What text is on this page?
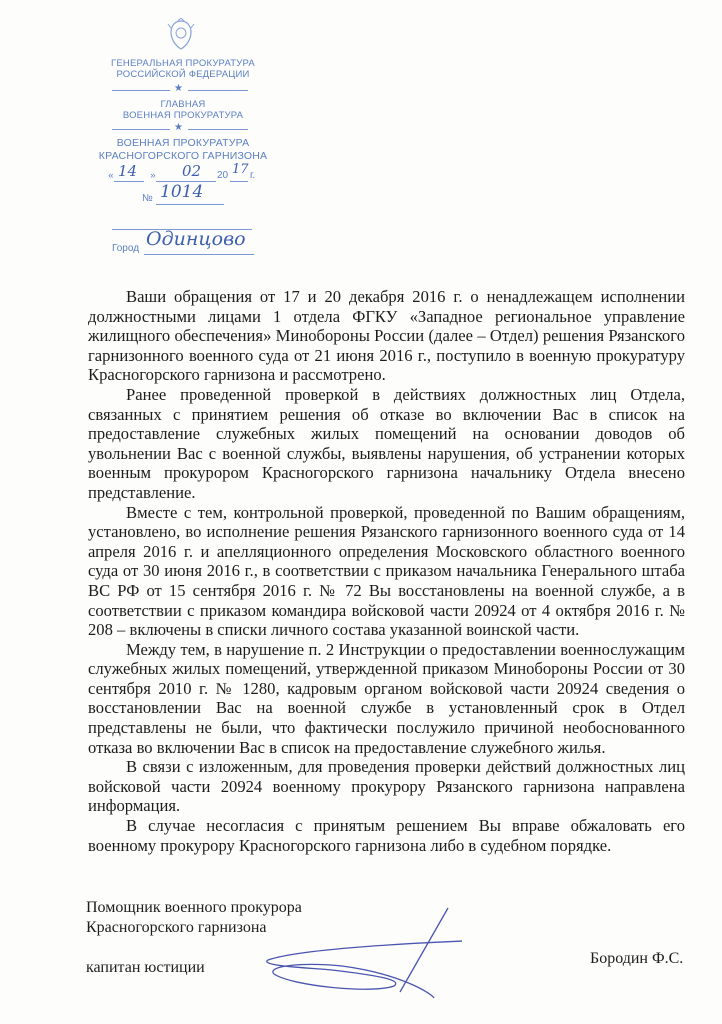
ГЕНЕРАЛЬНАЯ ПРОКУРАТУРА
РОССИЙСКОЙ ФЕДЕРАЦИИ
★
ГЛАВНАЯ
ВОЕННАЯ ПРОКУРАТУРА
★
ВОЕННАЯ ПРОКУРАТУРА
КРАСНОГОРСКОГО ГАРНИЗОНА
« 14 » 02 20 17 г.
№ 1014
Город Одинцово

Ваши обращения от 17 и 20 декабря 2016 г. о ненадлежащем исполнении должностными лицами 1 отдела ФГКУ «Западное региональное управление жилищного обеспечения» Минобороны России (далее – Отдел) решения Рязанского гарнизонного военного суда от 21 июня 2016 г., поступило в военную прокуратуру Красногорского гарнизона и рассмотрено.

Ранее проведенной проверкой в действиях должностных лиц Отдела, связанных с принятием решения об отказе во включении Вас в список на предоставление служебных жилых помещений на основании доводов об увольнении Вас с военной службы, выявлены нарушения, об устранении которых военным прокурором Красногорского гарнизона начальнику Отдела внесено представление.

Вместе с тем, контрольной проверкой, проведенной по Вашим обращениям, установлено, во исполнение решения Рязанского гарнизонного военного суда от 14 апреля 2016 г. и апелляционного определения Московского областного военного суда от 30 июня 2016 г., в соответствии с приказом начальника Генерального штаба ВС РФ от 15 сентября 2016 г. № 72 Вы восстановлены на военной службе, а в соответствии с приказом командира войсковой части 20924 от 4 октября 2016 г. № 208 – включены в списки личного состава указанной воинской части.

Между тем, в нарушение п. 2 Инструкции о предоставлении военнослужащим служебных жилых помещений, утвержденной приказом Минобороны России от 30 сентября 2010 г. № 1280, кадровым органом войсковой части 20924 сведения о восстановлении Вас на военной службе в установленный срок в Отдел представлены не были, что фактически послужило причиной необоснованного отказа во включении Вас в список на предоставление служебного жилья.

В связи с изложенным, для проведения проверки действий должностных лиц войсковой части 20924 военному прокурору Рязанского гарнизона направлена информация.

В случае несогласия с принятым решением Вы вправе обжаловать его военному прокурору Красногорского гарнизона либо в судебном порядке.

Помощник военного прокурора
Красногорского гарнизона
капитан юстиции
Бородин Ф.С.
